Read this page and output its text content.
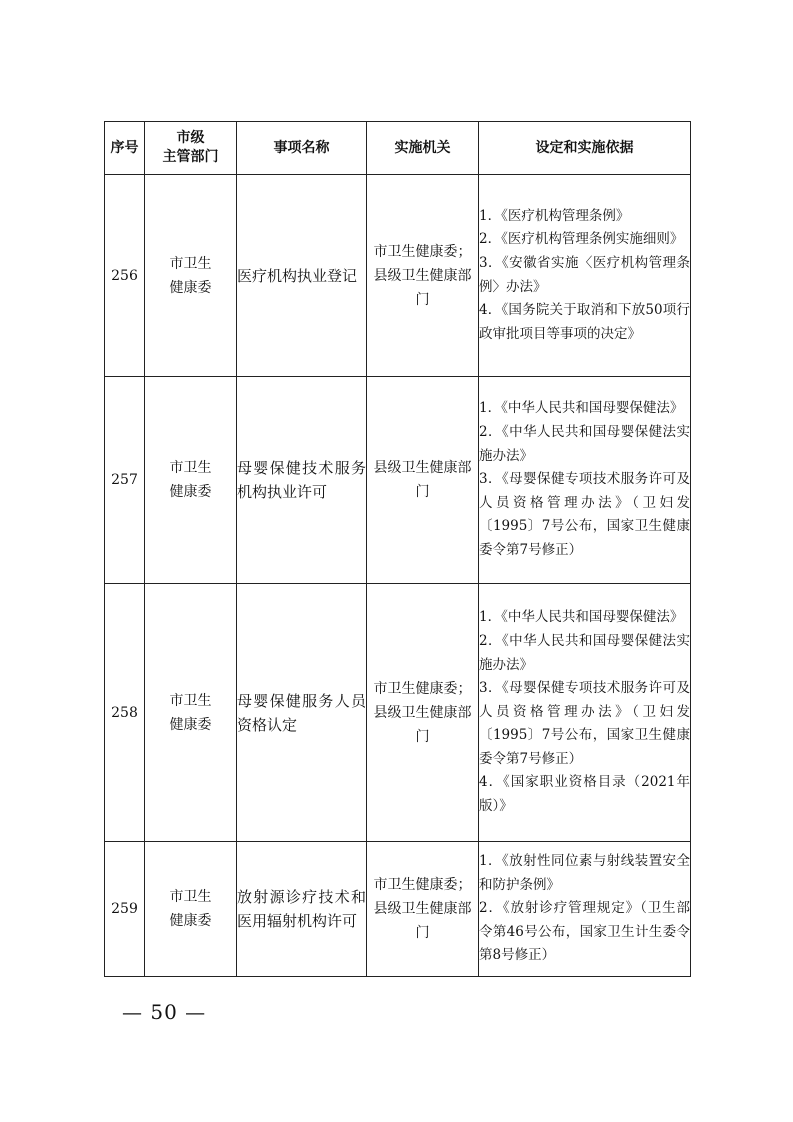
序号	市级
主管部门	事项名称	实施机关	设定和实施依据
256	市卫生健康委	医疗机构执业登记	市卫生健康委；县级卫生健康部门	1．《医疗机构管理条例》
2．《医疗机构管理条例实施细则》
3．《安徽省实施〈医疗机构管理条例〉办法》
4．《国务院关于取消和下放50项行政审批项目等事项的决定》

257	市卫生健康委	母婴保健技术服务机构执业许可	县级卫生健康部门	1．《中华人民共和国母婴保健法》
2．《中华人民共和国母婴保健法实施办法》
3．《母婴保健专项技术服务许可及人员资格管理办法》（卫妇发〔1995〕7号公布，国家卫生健康委令第7号修正）

258	市卫生健康委	母婴保健服务人员资格认定	市卫生健康委；县级卫生健康部门	1．《中华人民共和国母婴保健法》
2．《中华人民共和国母婴保健法实施办法》
3．《母婴保健专项技术服务许可及人员资格管理办法》（卫妇发〔1995〕7号公布，国家卫生健康委令第7号修正）
4．《国家职业资格目录（2021年版）》

259	市卫生健康委	放射源诊疗技术和医用辐射机构许可	市卫生健康委；县级卫生健康部门	1．《放射性同位素与射线装置安全和防护条例》
2．《放射诊疗管理规定》（卫生部令第46号公布，国家卫生计生委令第8号修正）
— 50 —
